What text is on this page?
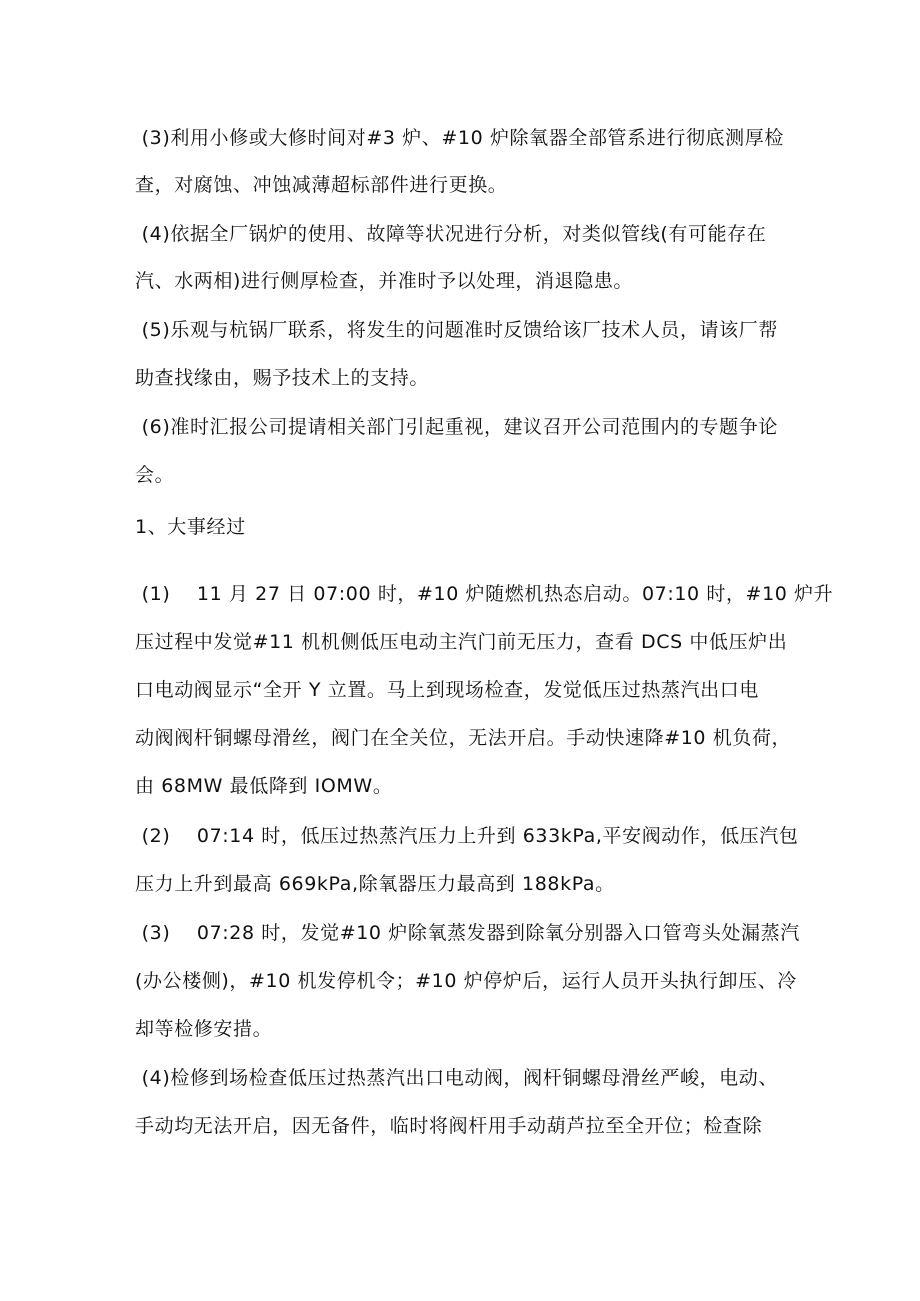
(3)利用小修或大修时间对#3 炉、#10 炉除氧器全部管系进行彻底测厚检
查，对腐蚀、冲蚀减薄超标部件进行更换。
(4)依据全厂锅炉的使用、故障等状况进行分析，对类似管线(有可能存在
汽、水两相)进行侧厚检查，并准时予以处理，消退隐患。
(5)乐观与杭锅厂联系，将发生的问题准时反馈给该厂技术人员，请该厂帮
助查找缘由，赐予技术上的支持。
(6)准时汇报公司提请相关部门引起重视，建议召开公司范围内的专题争论
会。
1、大事经过
(1)    11 月 27 日 07:00 时，#10 炉随燃机热态启动。07:10 时，#10 炉升
压过程中发觉#11 机机侧低压电动主汽门前无压力，查看 DCS 中低压炉出
口电动阀显示“全开 Y 立置。马上到现场检查，发觉低压过热蒸汽出口电
动阀阀杆铜螺母滑丝，阀门在全关位，无法开启。手动快速降#10 机负荷，
由 68MW 最低降到 IOMW。
(2)    07:14 时，低压过热蒸汽压力上升到 633kPa,平安阀动作，低压汽包
压力上升到最高 669kPa,除氧器压力最高到 188kPa。
(3)    07:28 时，发觉#10 炉除氧蒸发器到除氧分别器入口管弯头处漏蒸汽
(办公楼侧)，#10 机发停机令；#10 炉停炉后，运行人员开头执行卸压、冷
却等检修安措。
(4)检修到场检查低压过热蒸汽出口电动阀，阀杆铜螺母滑丝严峻，电动、
手动均无法开启，因无备件，临时将阀杆用手动葫芦拉至全开位；检查除
